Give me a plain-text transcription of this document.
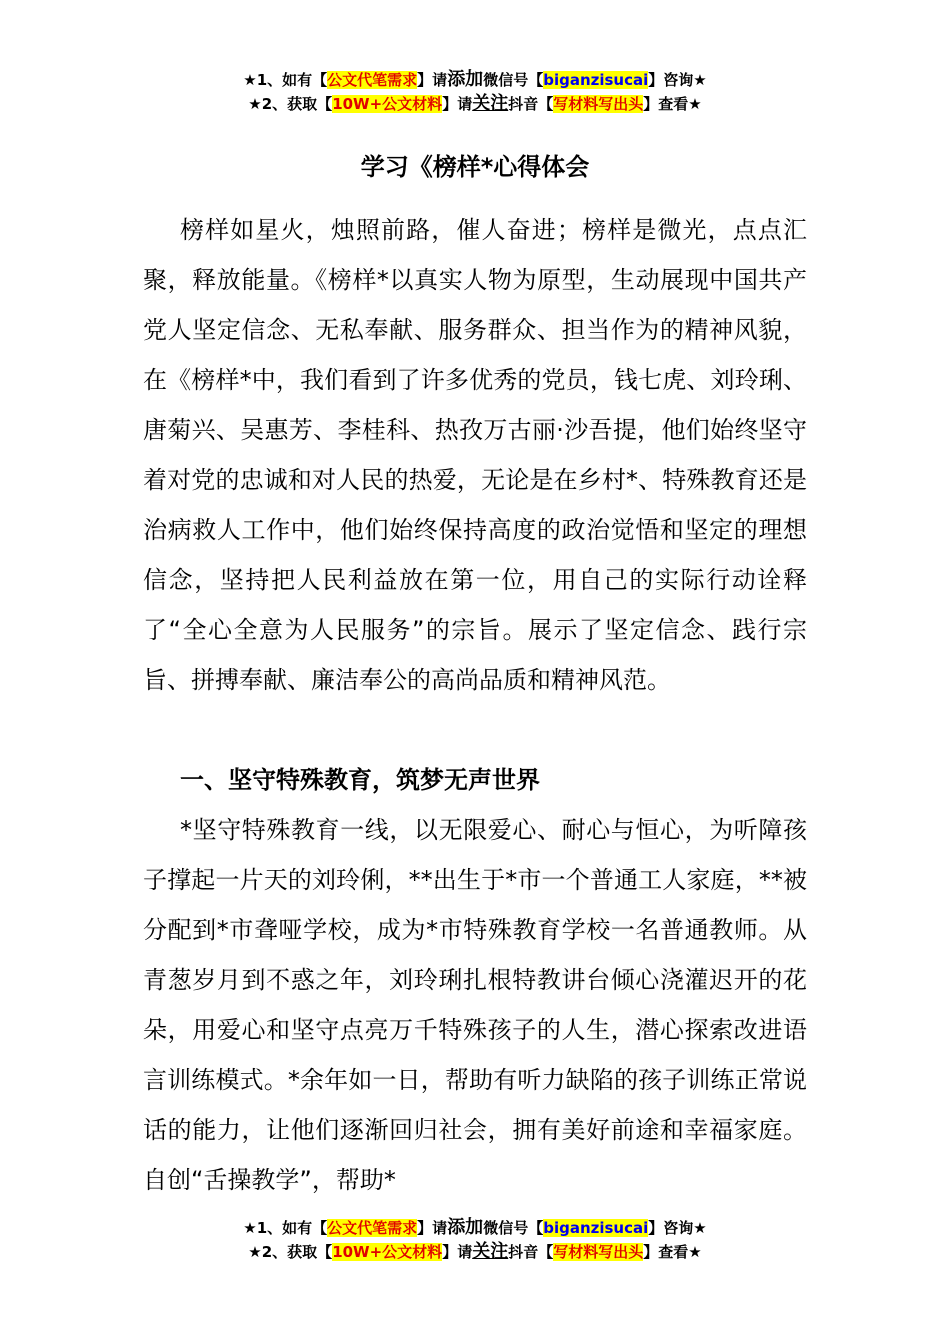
★1、如有【公文代笔需求】请添加微信号【biganzisucai】咨询★
★2、获取【10W+公文材料】请关注抖音【写材料写出头】查看★
学习《榜样*心得体会

榜样如星火，烛照前路，催人奋进；榜样是微光，点点汇聚，释放能量。《榜样*以真实人物为原型，生动展现中国共产党人坚定信念、无私奉献、服务群众、担当作为的精神风貌，在《榜样*中，我们看到了许多优秀的党员，钱七虎、刘玲琍、唐菊兴、吴惠芳、李桂科、热孜万古丽·沙吾提，他们始终坚守着对党的忠诚和对人民的热爱，无论是在乡村*、特殊教育还是治病救人工作中，他们始终保持高度的政治觉悟和坚定的理想信念，坚持把人民利益放在第一位，用自己的实际行动诠释了“全心全意为人民服务”的宗旨。展示了坚定信念、践行宗旨、拼搏奉献、廉洁奉公的高尚品质和精神风范。

一、坚守特殊教育，筑梦无声世界

*坚守特殊教育一线，以无限爱心、耐心与恒心，为听障孩子撑起一片天的刘玲俐，**出生于*市一个普通工人家庭，**被分配到*市聋哑学校，成为*市特殊教育学校一名普通教师。从青葱岁月到不惑之年，刘玲琍扎根特教讲台倾心浇灌迟开的花朵，用爱心和坚守点亮万千特殊孩子的人生，潜心探索改进语言训练模式。*余年如一日，帮助有听力缺陷的孩子训练正常说话的能力，让他们逐渐回归社会，拥有美好前途和幸福家庭。自创“舌操教学”，帮助*

★1、如有【公文代笔需求】请添加微信号【biganzisucai】咨询★
★2、获取【10W+公文材料】请关注抖音【写材料写出头】查看★
